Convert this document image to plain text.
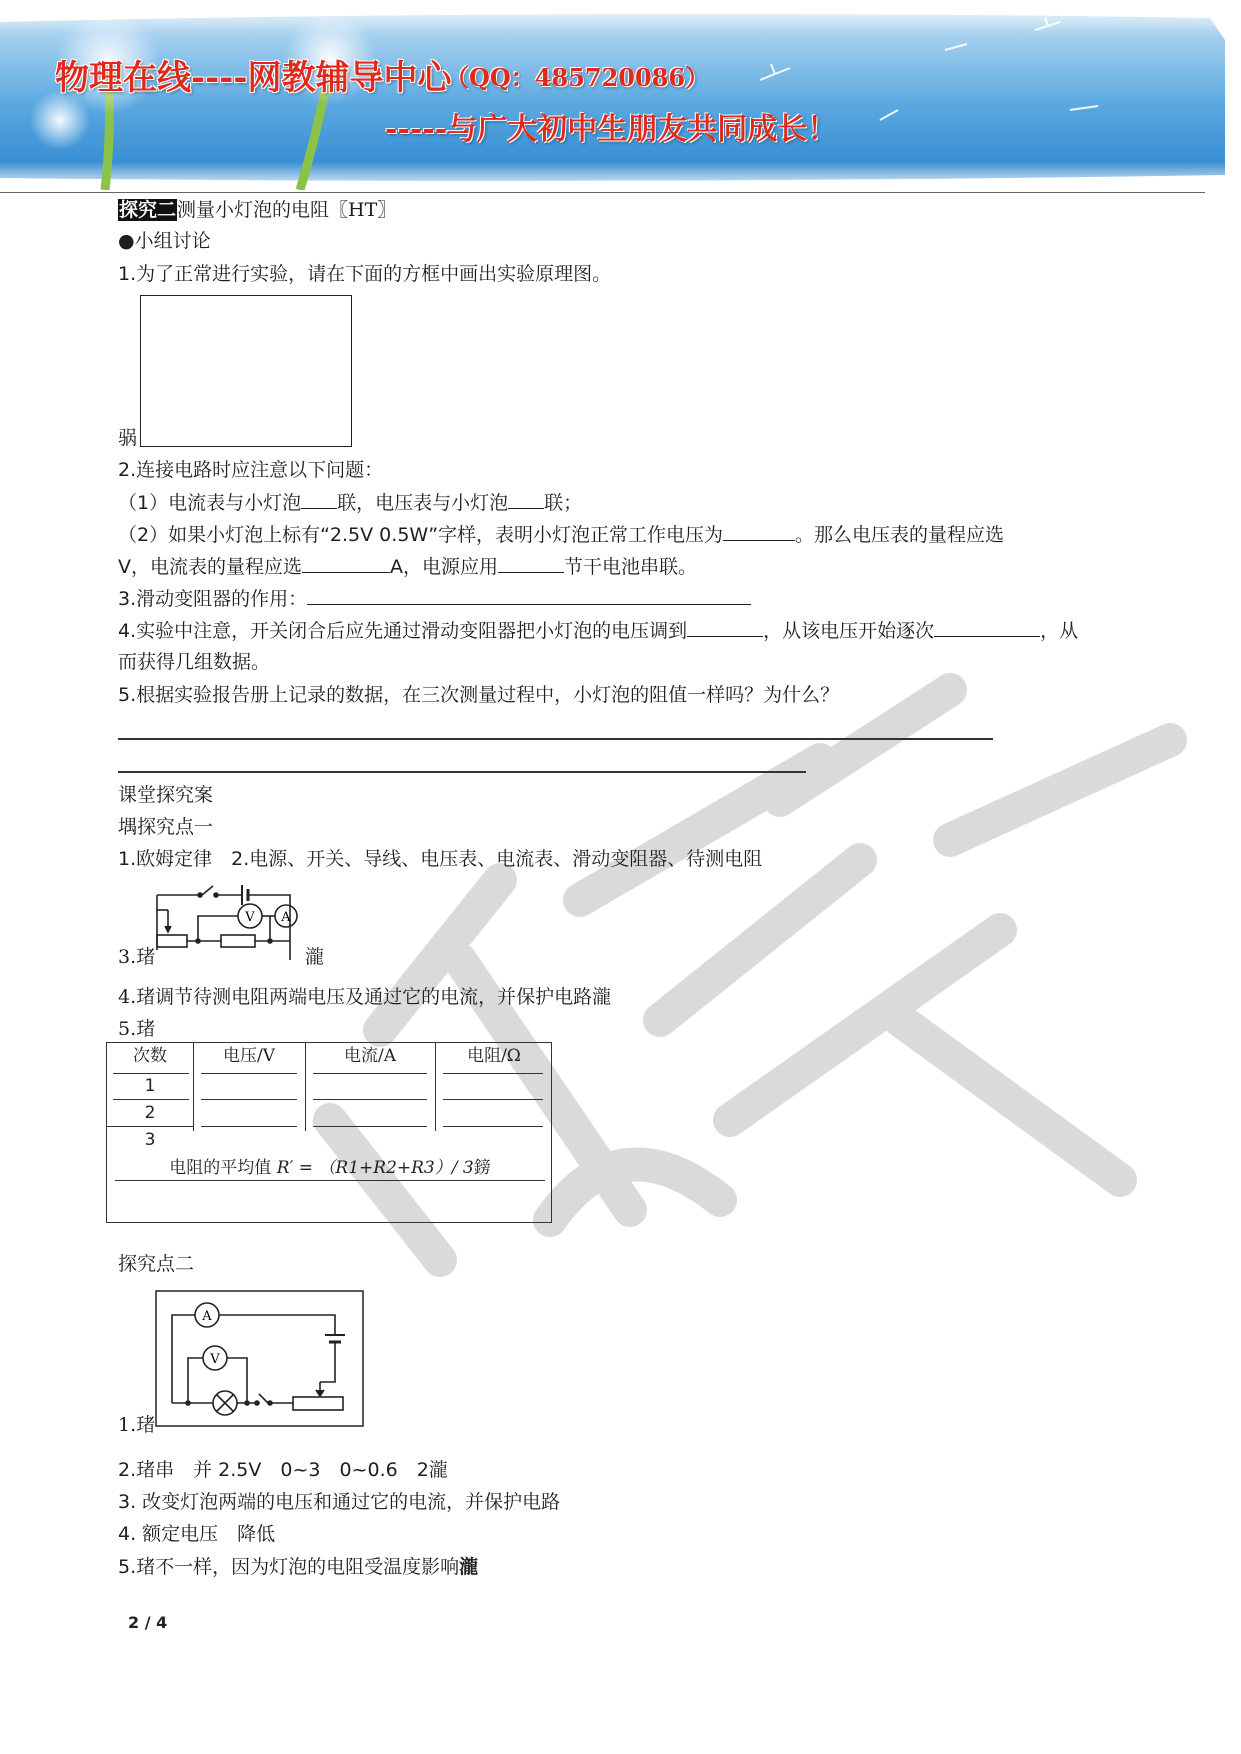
物理在线----网教辅导中心
（QQ：485720086）
-----与广大初中生朋友共同成长！
探究二测量小灯泡的电阻〖HT〗
●小组讨论
1.为了正常进行实验，请在下面的方框中画出实验原理图。
䯄
2.连接电路时应注意以下问题：
（1）电流表与小灯泡 联，电压表与小灯泡 联；
（2）如果小灯泡上标有“2.5V 0.5W”字样，表明小灯泡正常工作电压为	。那么电压表的量程应选
V，电流表的量程应选	A，电源应用	节干电池串联。
3.滑动变阻器的作用：
4.实验中注意，开关闭合后应先通过滑动变阻器把小灯泡的电压调到	，从该电压开始逐次	，从
而获得几组数据。
5.根据实验报告册上记录的数据，在三次测量过程中，小灯泡的阻值一样吗？为什么？
课堂探究案
堣探究点一
1.欧姆定律　2.电源、开关、导线、电压表、电流表、滑动变阻器、待测电阻
V A
3.琽	瀧
4.琽调节待测电阻两端电压及通过它的电流，并保护电路瀧
5.琽
次数	电压/V	电流/A	电阻/Ω
1
2
3
电阻的平均值 R′ = （R1+R2+R3）/ 3鎊
探究点二
A
V
1.琽
2.琽串　并 2.5V　0~3　0~0.6　2瀧
3. 改变灯泡两端的电压和通过它的电流，并保护电路
4. 额定电压　降低
5.琽不一样，因为灯泡的电阻受温度影响瀧
2 / 4
